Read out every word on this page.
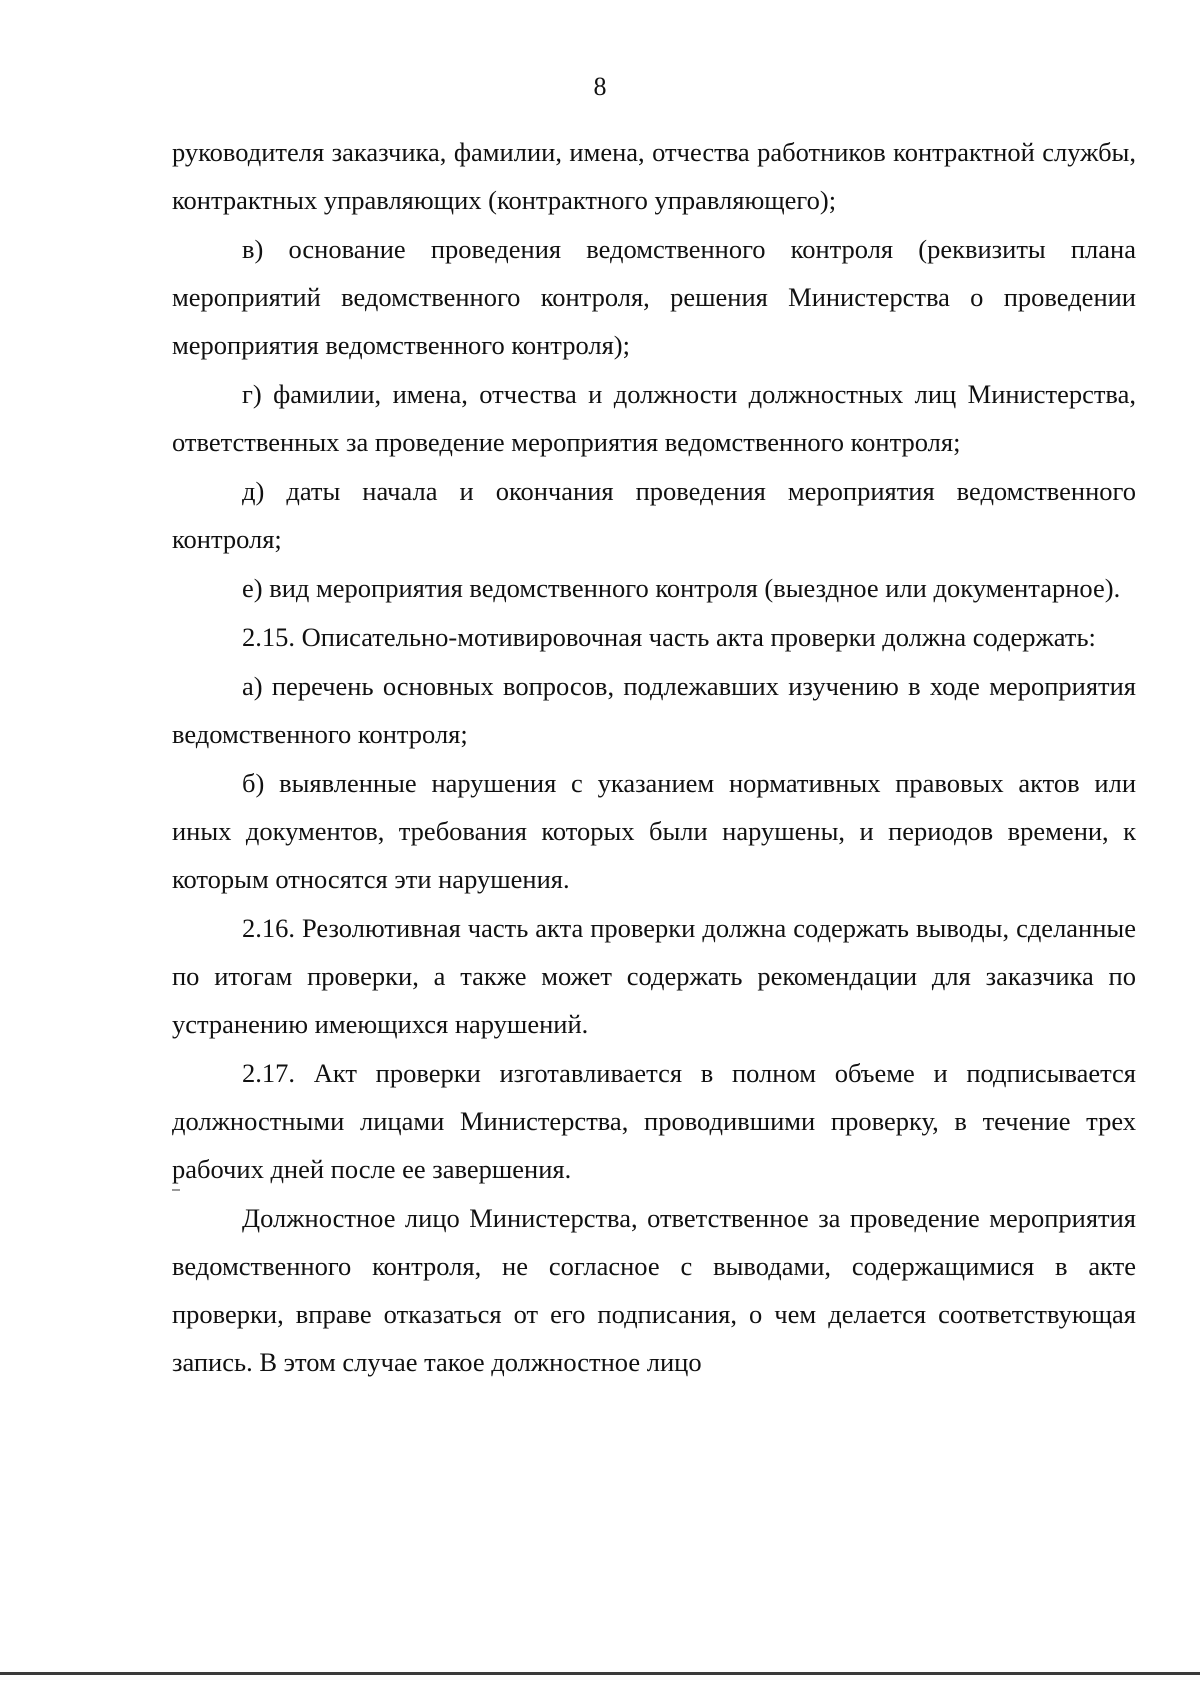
8

руководителя заказчика, фамилии, имена, отчества работников контрактной службы, контрактных управляющих (контрактного управляющего);

в) основание проведения ведомственного контроля (реквизиты плана мероприятий ведомственного контроля, решения Министерства о проведении мероприятия ведомственного контроля);

г) фамилии, имена, отчества и должности должностных лиц Министерства, ответственных за проведение мероприятия ведомственного контроля;

д) даты начала и окончания проведения мероприятия ведомственного контроля;

е) вид мероприятия ведомственного контроля (выездное или документарное).

2.15. Описательно-мотивировочная часть акта проверки должна содержать:

а) перечень основных вопросов, подлежавших изучению в ходе мероприятия ведомственного контроля;

б) выявленные нарушения с указанием нормативных правовых актов или иных документов, требования которых были нарушены, и периодов времени, к которым относятся эти нарушения.

2.16. Резолютивная часть акта проверки должна содержать выводы, сделанные по итогам проверки, а также может содержать рекомендации для заказчика по устранению имеющихся нарушений.

2.17. Акт проверки изготавливается в полном объеме и подписывается должностными лицами Министерства, проводившими проверку, в течение трех рабочих дней после ее завершения.

Должностное лицо Министерства, ответственное за проведение мероприятия ведомственного контроля, не согласное с выводами, содержащимися в акте проверки, вправе отказаться от его подписания, о чем делается соответствующая запись. В этом случае такое должностное лицо
